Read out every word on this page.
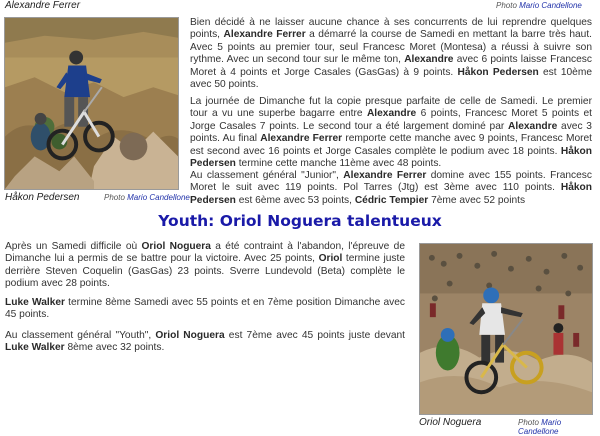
Alexandre Ferrer	Photo Mario Candellone
Håkon Pedersen	Photo Mario Candellone
Bien décidé à ne laisser aucune chance à ses concurrents de lui reprendre quelques points, Alexandre Ferrer a démarré la course de Samedi en mettant la barre très haut. Avec 5 points au premier tour, seul Francesc Moret (Montesa) a réussi à suivre son rythme. Avec un second tour sur le même ton, Alexandre avec 6 points laisse Francesc Moret à 4 points et Jorge Casales (GasGas) à 9 points. Håkon Pedersen est 10ème avec 50 points.
La journée de Dimanche fut la copie presque parfaite de celle de Samedi. Le premier tour a vu une superbe bagarre entre Alexandre 6 points, Francesc Moret 5 points et Jorge Casales 7 points. Le second tour a été largement dominé par Alexandre avec 3 points. Au final Alexandre Ferrer remporte cette manche avec 9 points, Francesc Moret est second avec 16 points et Jorge Casales complète le podium avec 18 points. Håkon Pedersen termine cette manche 11ème avec 48 points.
Au classement général "Junior", Alexandre Ferrer domine avec 155 points. Francesc Moret le suit avec 119 points. Pol Tarres (Jtg) est 3ème avec 110 points. Håkon Pedersen est 6ème avec 53 points, Cédric Tempier 7ème avec 52 points
Youth: Oriol Noguera talentueux
Après un Samedi difficile où Oriol Noguera a été contraint à l'abandon, l'épreuve de Dimanche lui a permis de se battre pour la victoire. Avec 25 points, Oriol termine juste derrière Steven Coquelin (GasGas) 23 points. Sverre Lundevold (Beta) complète le podium avec 28 points.
Luke Walker termine 8ème Samedi avec 55 points et en 7ème position Dimanche avec 45 points.
Au classement général "Youth", Oriol Noguera est 7ème avec 45 points juste devant Luke Walker 8ème avec 32 points.
Oriol Noguera	Photo Mario Candellone
